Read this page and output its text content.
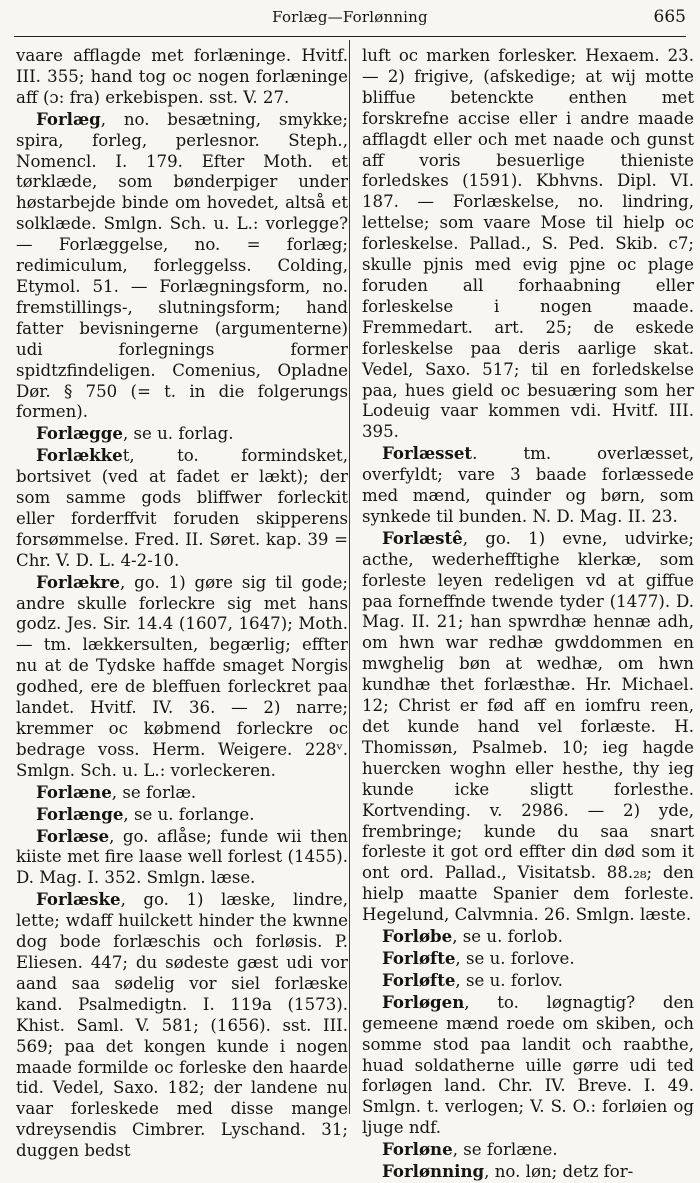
Forlæg—Forlønning	665

vaare afflagde met forlæninge. Hvitf. III. 355; hand tog oc nogen forlæninge aff (ɔ: fra) erkebispen. sst. V. 27.

Forlæg, no. besætning, smykke; spira, forleg, perlesnor. Steph., Nomencl. I. 179. Efter Moth. et tørklæde, som bønderpiger under høstarbejde binde om hovedet, altså et solklæde. Smlgn. Sch. u. L.: vorlegge? — Forlæggelse, no. = forlæg; redimiculum, forleggelss. Colding, Etymol. 51. — Forlægningsform, no. fremstillings-, slutningsform; hand fatter bevisningerne (argumenterne) udi forlegnings former spidtzfindeligen. Comenius, Opladne Dør. § 750 (= t. in die folgerungs formen).

Forlægge, se u. forlag.

Forlækket, to. formindsket, bortsivet (ved at fadet er lækt); der som samme gods bliffwer forleckit eller forderffvit foruden skipperens forsømmelse. Fred. II. Søret. kap. 39 = Chr. V. D. L. 4-2-10.

Forlækre, go. 1) gøre sig til gode; andre skulle forleckre sig met hans godz. Jes. Sir. 14.4 (1607, 1647); Moth. — tm. lækkersulten, begærlig; effter nu at de Tydske haffde smaget Norgis godhed, ere de bleffuen forleckret paa landet. Hvitf. IV. 36. — 2) narre; kremmer oc købmend forleckre oc bedrage voss. Herm. Weigere. 228ᵛ. Smlgn. Sch. u. L.: vorleckeren.

Forlæne, se forlæ.

Forlænge, se u. forlange.

Forlæse, go. aflåse; funde wii then kiiste met fire laase well forlest (1455). D. Mag. I. 352. Smlgn. læse.

Forlæske, go. 1) læske, lindre, lette; wdaff huilckett hinder the kwnne dog bode forlæschis och forløsis. P. Eliesen. 447; du sødeste gæst udi vor aand saa sødelig vor siel forlæske kand. Psalmedigtn. I. 119a (1573). Khist. Saml. V. 581; (1656). sst. III. 569; paa det kongen kunde i nogen maade formilde oc forleske den haarde tid. Vedel, Saxo. 182; der landene nu vaar forleskede med disse mange vdreysendis Cimbrer. Lyschand. 31; duggen bedst

luft oc marken forlesker. Hexaem. 23. — 2) frigive, (afskedige; at wij motte bliffue betenckte enthen met forskrefne accise eller i andre maade afflagdt eller och met naade och gunst aff voris besuerlige thieniste forledskes (1591). Kbhvns. Dipl. VI. 187. — Forlæskelse, no. lindring, lettelse; som vaare Mose til hielp oc forleskelse. Pallad., S. Ped. Skib. c7; skulle pjnis med evig pjne oc plage foruden all forhaabning eller forleskelse i nogen maade. Fremmedart. art. 25; de eskede forleskelse paa deris aarlige skat. Vedel, Saxo. 517; til en forledskelse paa, hues gield oc besuæring som her Lodeuig vaar kommen vdi. Hvitf. III. 395.

Forlæsset. tm. overlæsset, overfyldt; vare 3 baade forlæssede med mænd, quinder og børn, som synkede til bunden. N. D. Mag. II. 23.

Forlæstê, go. 1) evne, udvirke; acthe, wederhefftighe klerkæ, som forleste leyen redeligen vd at giffue paa forneffnde twende tyder (1477). D. Mag. II. 21; han spwrdhæ hennæ adh, om hwn war redhæ gwddommen en mwghelig bøn at wedhæ, om hwn kundhæ thet forlæsthæ. Hr. Michael. 12; Christ er fød aff en iomfru reen, det kunde hand vel forlæste. H. Thomissøn, Psalmeb. 10; ieg hagde huercken woghn eller hesthe, thy ieg kunde icke sligtt forlesthe. Kortvending. v. 2986. — 2) yde, frembringe; kunde du saa snart forleste it got ord effter din død som it ont ord. Pallad., Visitatsb. 88.₂₈; den hielp maatte Spanier dem forleste. Hegelund, Calvmnia. 26. Smlgn. læste.

Forløbe, se u. forlob.

Forløfte, se u. forlove.

Forløfte, se u. forlov.

Forløgen, to. løgnagtig? den gemeene mænd roede om skiben, och somme stod paa landit och raabthe, huad soldatherne uille gørre udi ted forløgen land. Chr. IV. Breve. I. 49. Smlgn. t. verlogen; V. S. O.: forløien og ljuge ndf.

Forløne, se forlæne.

Forlønning, no. løn; detz for-
